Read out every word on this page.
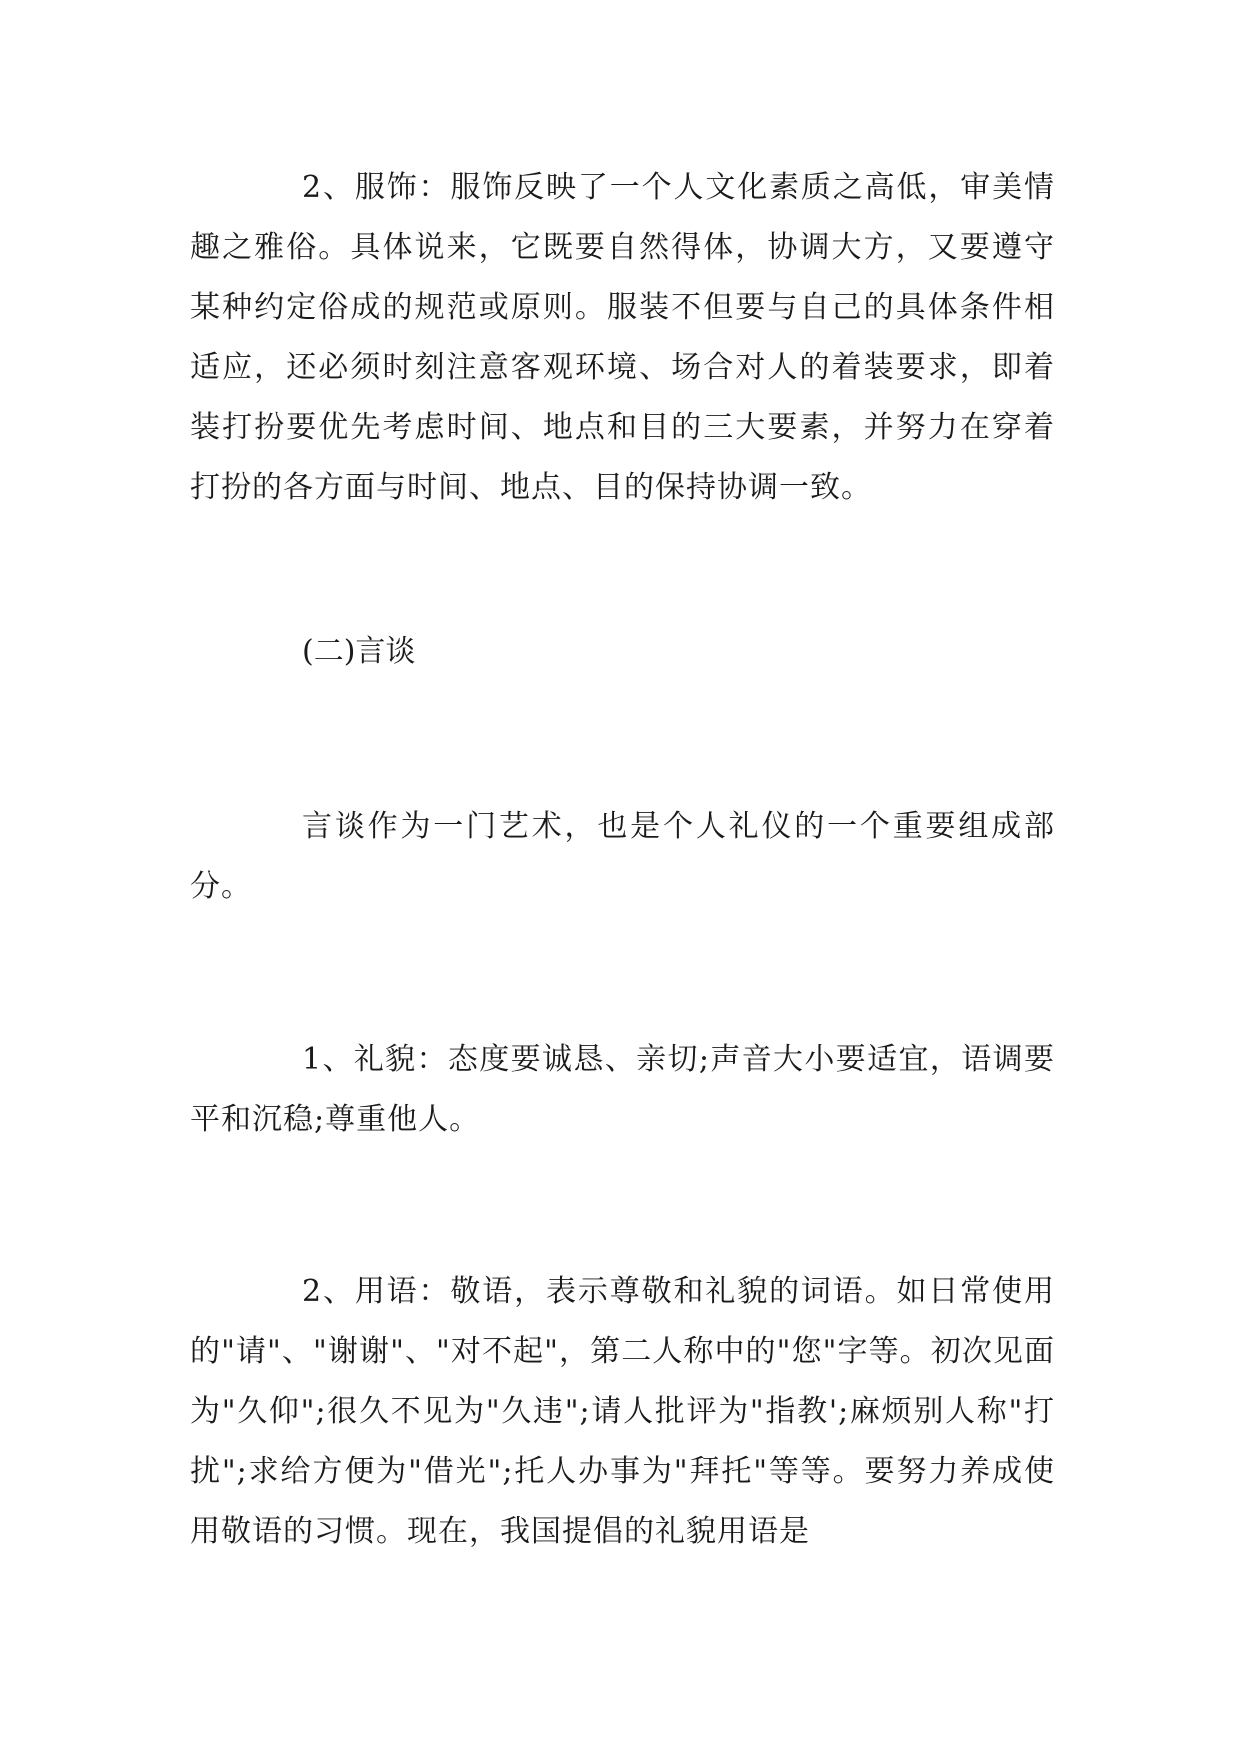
2、服饰：服饰反映了一个人文化素质之高低，审美情趣之雅俗。具体说来，它既要自然得体，协调大方，又要遵守某种约定俗成的规范或原则。服装不但要与自己的具体条件相适应，还必须时刻注意客观环境、场合对人的着装要求，即着装打扮要优先考虑时间、地点和目的三大要素，并努力在穿着打扮的各方面与时间、地点、目的保持协调一致。

(二)言谈

言谈作为一门艺术，也是个人礼仪的一个重要组成部分。

1、礼貌：态度要诚恳、亲切;声音大小要适宜，语调要平和沉稳;尊重他人。

2、用语：敬语，表示尊敬和礼貌的词语。如日常使用的"请"、"谢谢"、"对不起"，第二人称中的"您"字等。初次见面为"久仰";很久不见为"久违";请人批评为"指教';麻烦别人称"打扰";求给方便为"借光";托人办事为"拜托"等等。要努力养成使用敬语的习惯。现在，我国提倡的礼貌用语是
